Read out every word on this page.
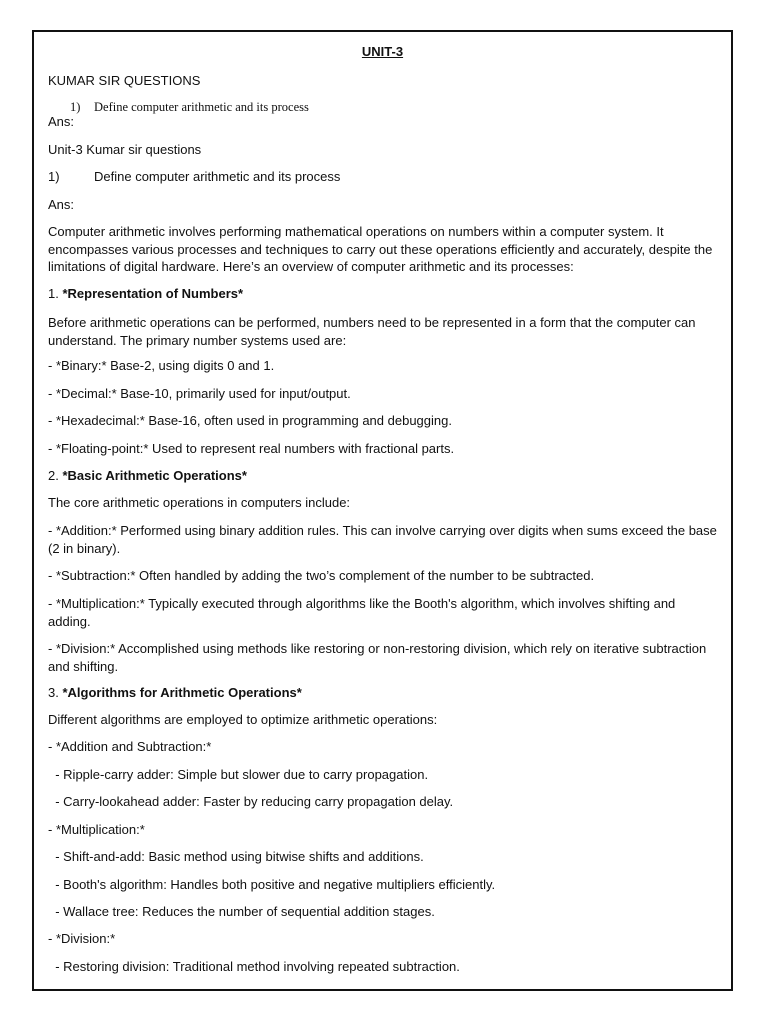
UNIT-3
KUMAR SIR QUESTIONS
1) Define computer arithmetic and its process
Ans:
Unit-3 Kumar sir questions
1)	Define computer arithmetic and its process
Ans:
Computer arithmetic involves performing mathematical operations on numbers within a computer system. It encompasses various processes and techniques to carry out these operations efficiently and accurately, despite the limitations of digital hardware. Here’s an overview of computer arithmetic and its processes:
1. *Representation of Numbers*
Before arithmetic operations can be performed, numbers need to be represented in a form that the computer can understand. The primary number systems used are:
- *Binary:* Base-2, using digits 0 and 1.
- *Decimal:* Base-10, primarily used for input/output.
- *Hexadecimal:* Base-16, often used in programming and debugging.
- *Floating-point:* Used to represent real numbers with fractional parts.
2. *Basic Arithmetic Operations*
The core arithmetic operations in computers include:
- *Addition:* Performed using binary addition rules. This can involve carrying over digits when sums exceed the base (2 in binary).
- *Subtraction:* Often handled by adding the two’s complement of the number to be subtracted.
- *Multiplication:* Typically executed through algorithms like the Booth's algorithm, which involves shifting and adding.
- *Division:* Accomplished using methods like restoring or non-restoring division, which rely on iterative subtraction and shifting.
3. *Algorithms for Arithmetic Operations*
Different algorithms are employed to optimize arithmetic operations:
- *Addition and Subtraction:*
- Ripple-carry adder: Simple but slower due to carry propagation.
- Carry-lookahead adder: Faster by reducing carry propagation delay.
- *Multiplication:*
- Shift-and-add: Basic method using bitwise shifts and additions.
- Booth's algorithm: Handles both positive and negative multipliers efficiently.
- Wallace tree: Reduces the number of sequential addition stages.
- *Division:*
- Restoring division: Traditional method involving repeated subtraction.
